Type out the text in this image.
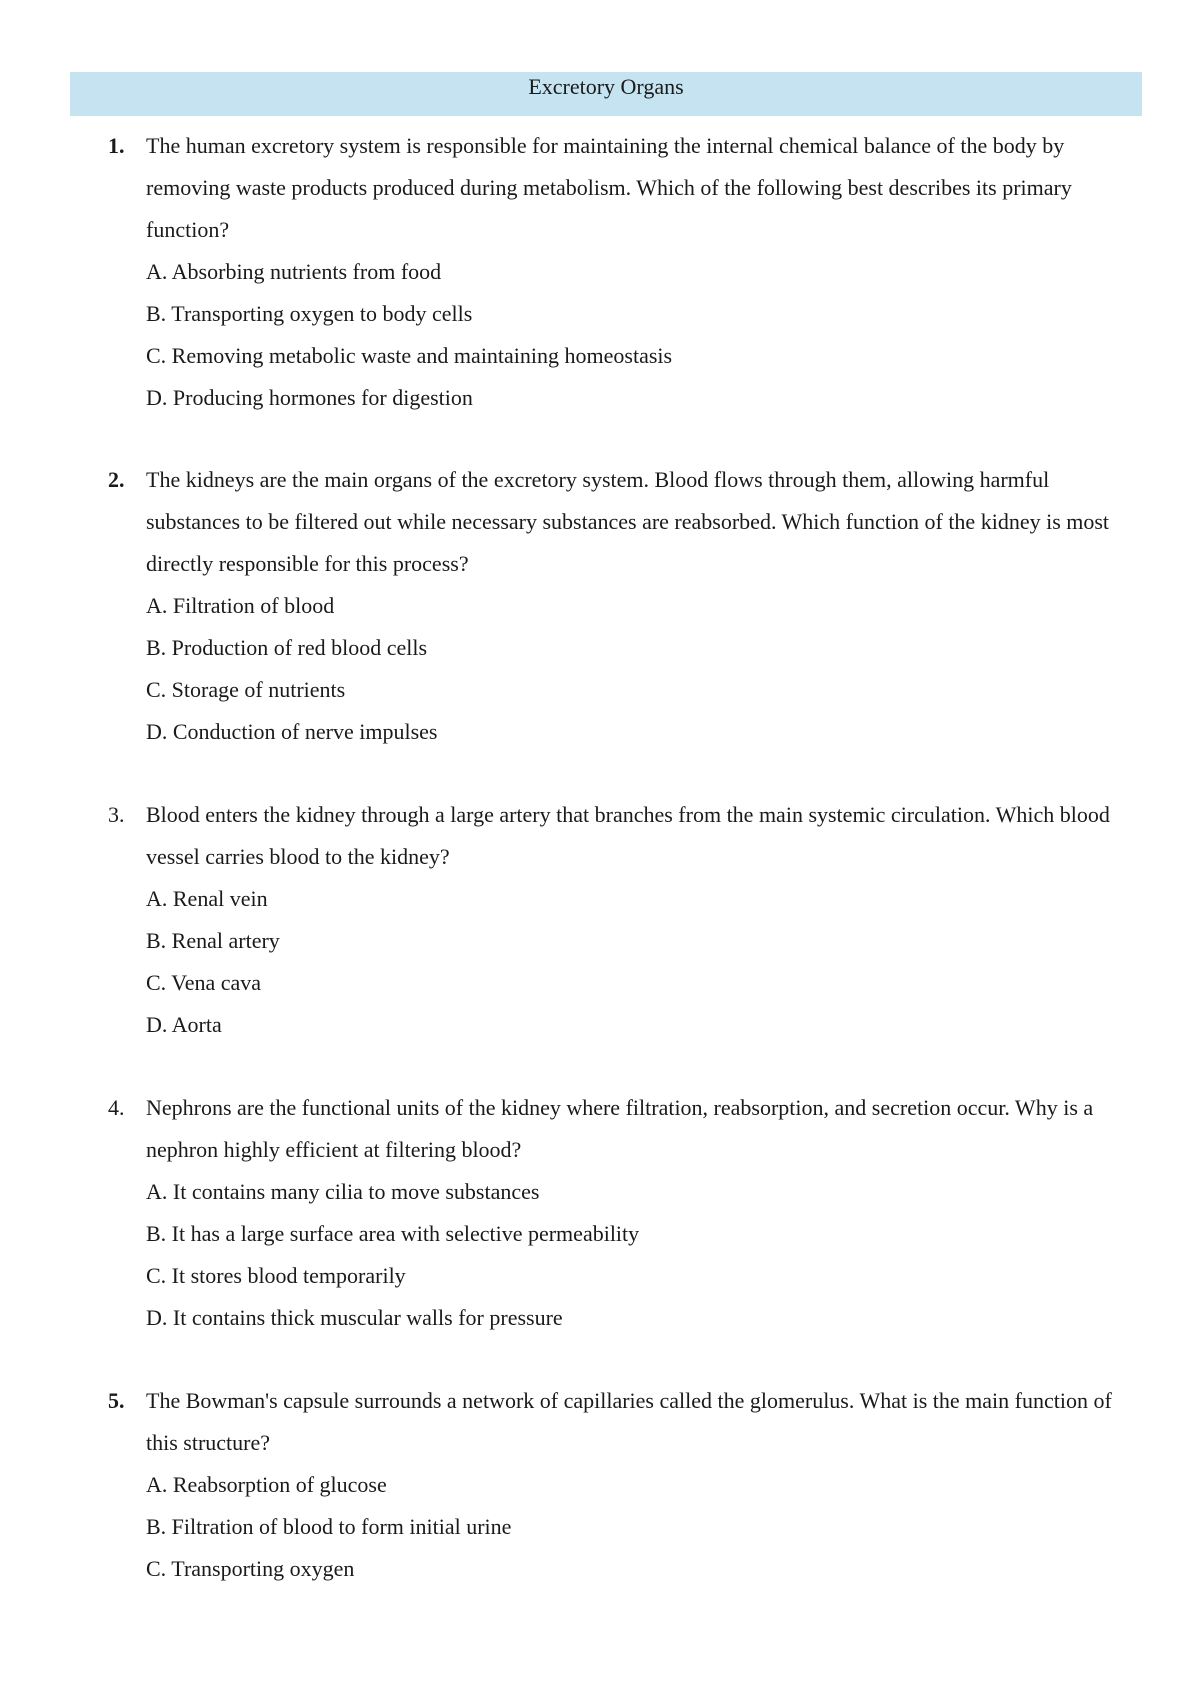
Excretory Organs
1. The human excretory system is responsible for maintaining the internal chemical balance of the body by removing waste products produced during metabolism. Which of the following best describes its primary function?
A. Absorbing nutrients from food
B. Transporting oxygen to body cells
C. Removing metabolic waste and maintaining homeostasis
D. Producing hormones for digestion
2. The kidneys are the main organs of the excretory system. Blood flows through them, allowing harmful substances to be filtered out while necessary substances are reabsorbed. Which function of the kidney is most directly responsible for this process?
A. Filtration of blood
B. Production of red blood cells
C. Storage of nutrients
D. Conduction of nerve impulses
3. Blood enters the kidney through a large artery that branches from the main systemic circulation. Which blood vessel carries blood to the kidney?
A. Renal vein
B. Renal artery
C. Vena cava
D. Aorta
4. Nephrons are the functional units of the kidney where filtration, reabsorption, and secretion occur. Why is a nephron highly efficient at filtering blood?
A. It contains many cilia to move substances
B. It has a large surface area with selective permeability
C. It stores blood temporarily
D. It contains thick muscular walls for pressure
5. The Bowman's capsule surrounds a network of capillaries called the glomerulus. What is the main function of this structure?
A. Reabsorption of glucose
B. Filtration of blood to form initial urine
C. Transporting oxygen
